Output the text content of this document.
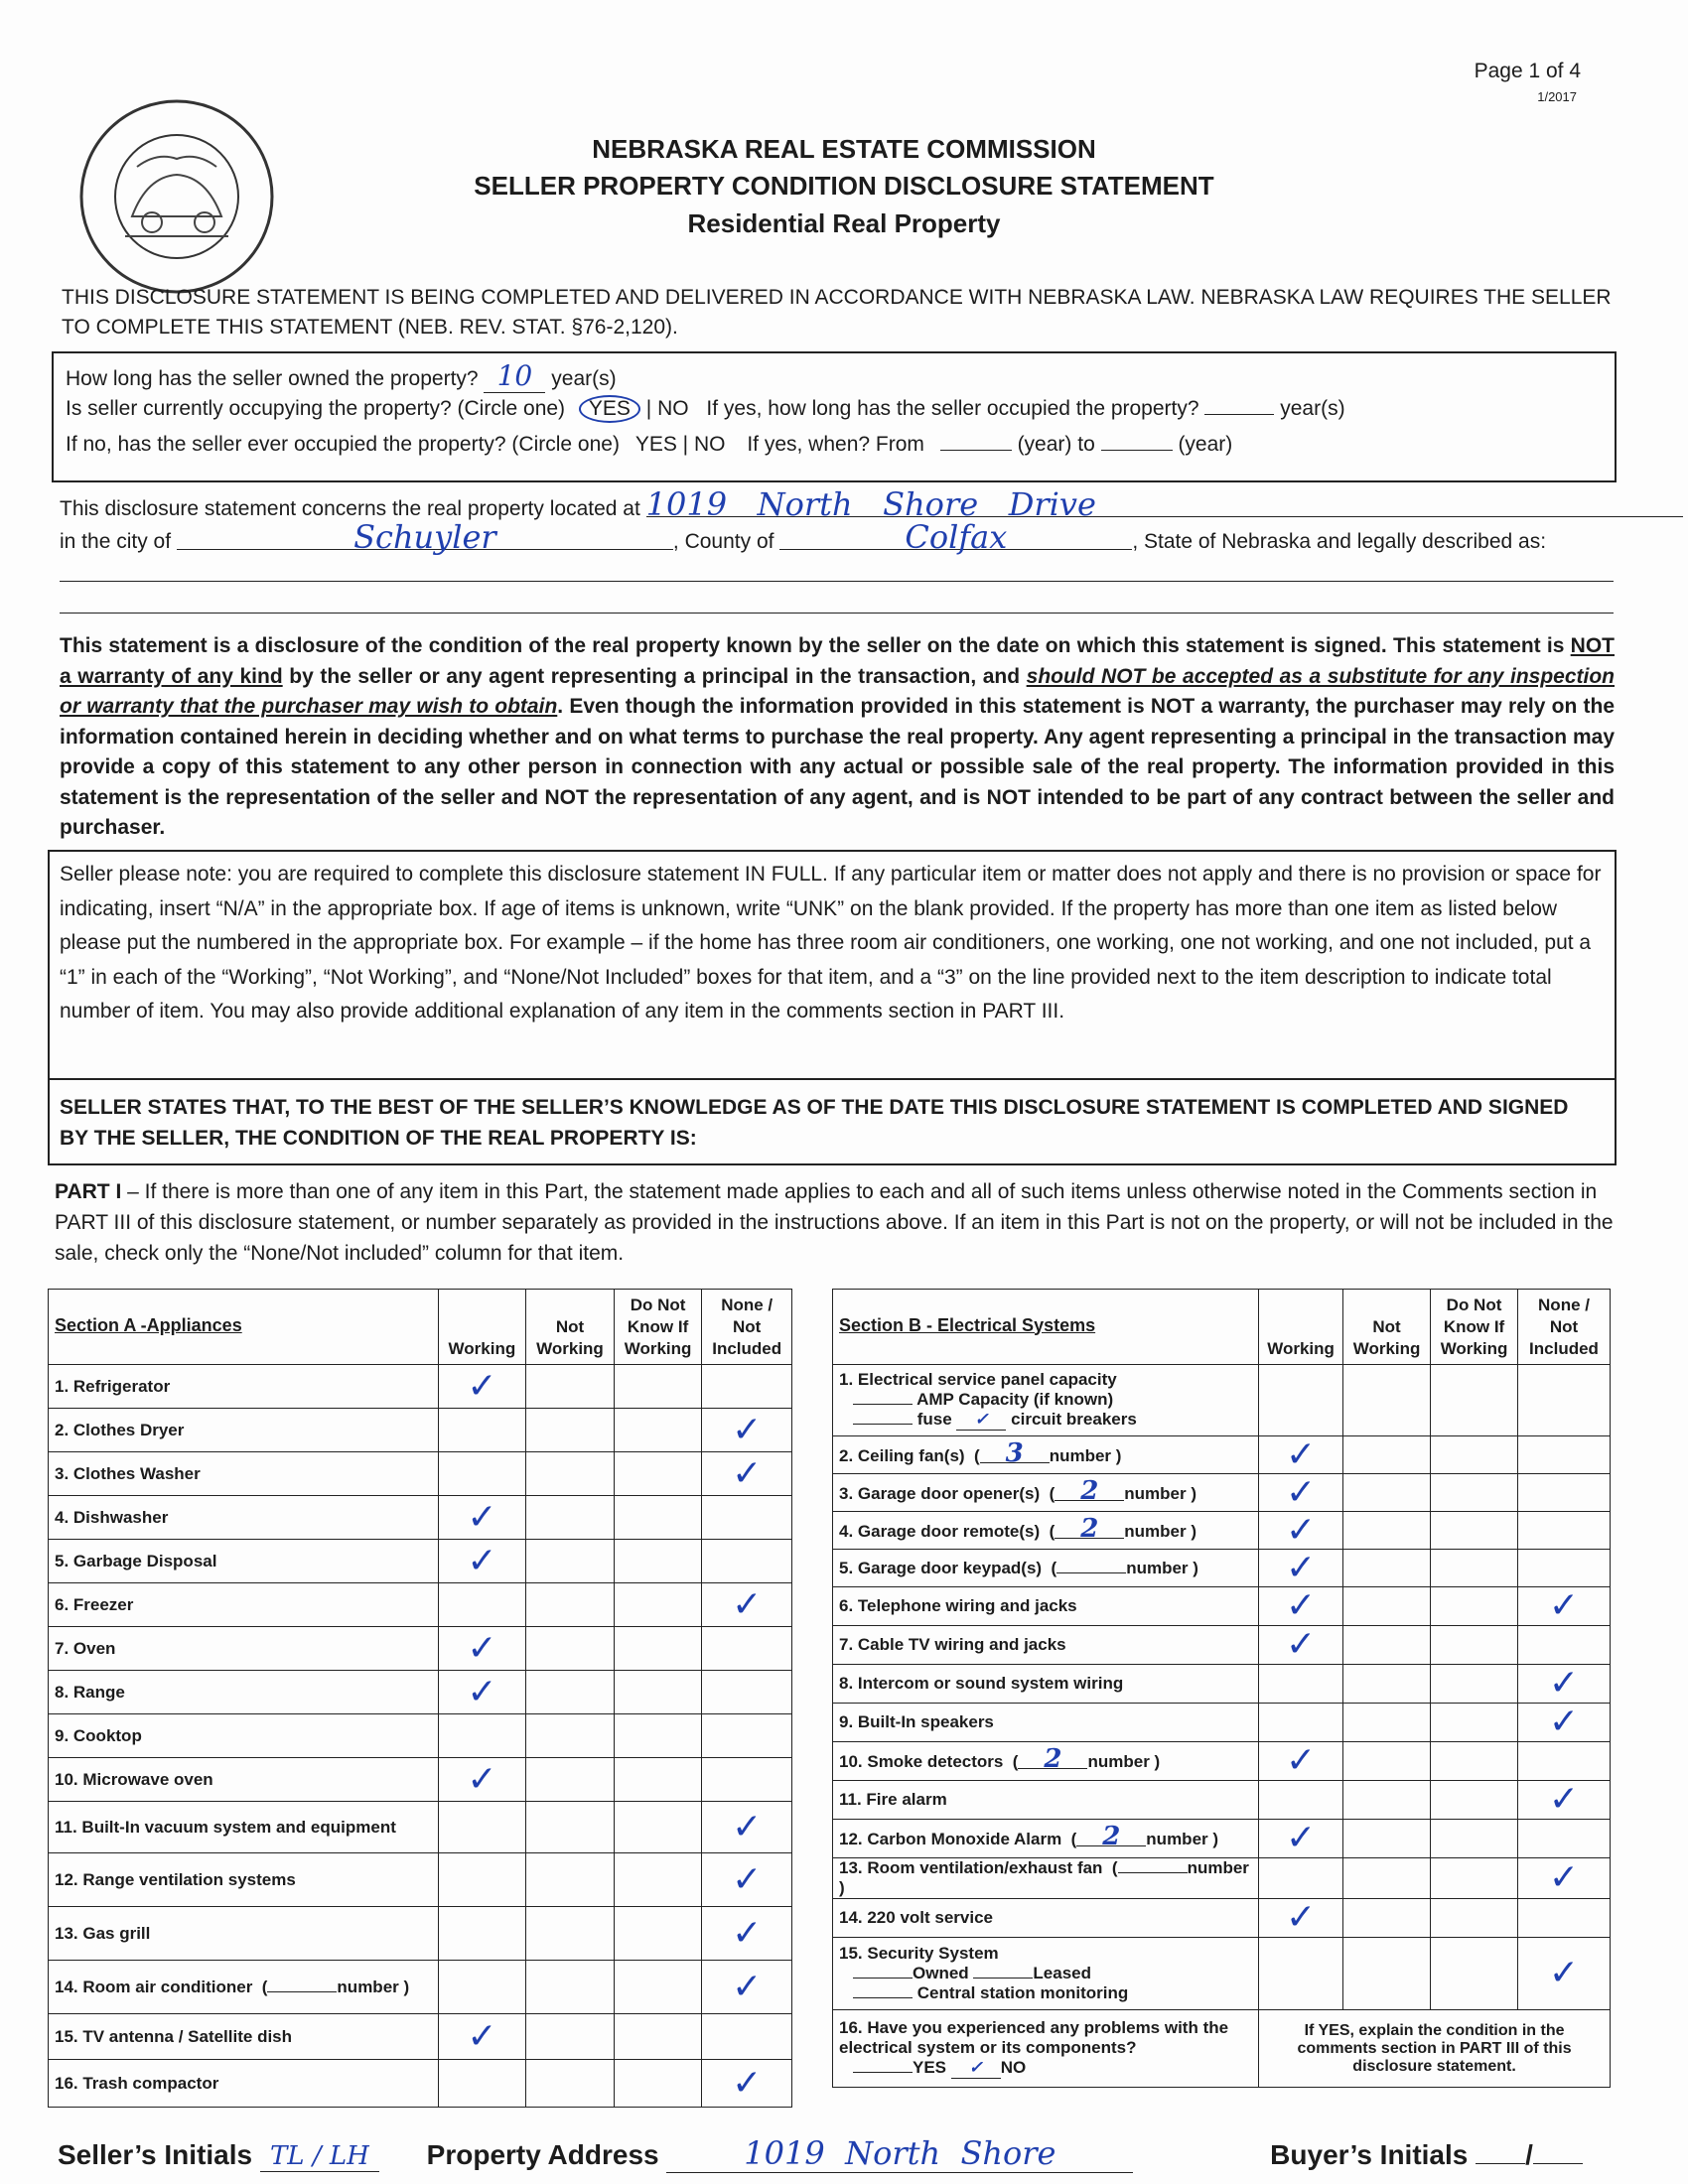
Page 1 of 4
1/2017
NEBRASKA REAL ESTATE COMMISSION
SELLER PROPERTY CONDITION DISCLOSURE STATEMENT
Residential Real Property
THIS DISCLOSURE STATEMENT IS BEING COMPLETED AND DELIVERED IN ACCORDANCE WITH NEBRASKA LAW. NEBRASKA LAW REQUIRES THE SELLER TO COMPLETE THIS STATEMENT (NEB. REV. STAT. §76-2,120).
How long has the seller owned the property? 10 year(s)
Is seller currently occupying the property? (Circle one) YES | NO If yes, how long has the seller occupied the property?	year(s)
If no, has the seller ever occupied the property? (Circle one) YES | NO If yes, when? From	(year) to	(year)
This disclosure statement concerns the real property located at 1019   North   Shore   Drive
in the city of	Schuyler	, County of	Colfax	, State of Nebraska and legally described as:
This statement is a disclosure of the condition of the real property known by the seller on the date on which this statement is signed. This statement is NOT a warranty of any kind by the seller or any agent representing a principal in the transaction, and should NOT be accepted as a substitute for any inspection or warranty that the purchaser may wish to obtain. Even though the information provided in this statement is NOT a warranty, the purchaser may rely on the information contained herein in deciding whether and on what terms to purchase the real property. Any agent representing a principal in the transaction may provide a copy of this statement to any other person in connection with any actual or possible sale of the real property. The information provided in this statement is the representation of the seller and NOT the representation of any agent, and is NOT intended to be part of any contract between the seller and purchaser.
Seller please note: you are required to complete this disclosure statement IN FULL. If any particular item or matter does not apply and there is no provision or space for indicating, insert “N/A” in the appropriate box. If age of items is unknown, write “UNK” on the blank provided. If the property has more than one item as listed below please put the numbered in the appropriate box. For example – if the home has three room air conditioners, one working, one not working, and one not included, put a “1” in each of the “Working”, “Not Working”, and “None/Not Included” boxes for that item, and a “3” on the line provided next to the item description to indicate total number of item. You may also provide additional explanation of any item in the comments section in PART III.
SELLER STATES THAT, TO THE BEST OF THE SELLER’S KNOWLEDGE AS OF THE DATE THIS DISCLOSURE STATEMENT IS COMPLETED AND SIGNED BY THE SELLER, THE CONDITION OF THE REAL PROPERTY IS:
PART I – If there is more than one of any item in this Part, the statement made applies to each and all of such items unless otherwise noted in the Comments section in PART III of this disclosure statement, or number separately as provided in the instructions above. If an item in this Part is not on the property, or will not be included in the sale, check only the “None/Not included” column for that item.
Section A -Appliances	Working	Not Working	Do Not Know If Working	None / Not Included
1. Refrigerator	✓			
2. Clothes Dryer				✓
3. Clothes Washer				✓
4. Dishwasher	✓			
5. Garbage Disposal	✓			
6. Freezer				✓
7. Oven	✓			
8. Range	✓			
9. Cooktop				
10. Microwave oven	✓			
11. Built-In vacuum system and equipment				✓
12. Range ventilation systems				✓
13. Gas grill				✓
14. Room air conditioner  ( number )				✓
15. TV antenna / Satellite dish	✓			
16. Trash compactor				✓
Section B - Electrical Systems	Working	Not Working	Do Not Know If Working	None / Not Included
1. Electrical service panel capacity
AMP Capacity (if known)
fuse ✓ circuit breakers				

2. Ceiling fan(s)  ( 3 number )	✓			
3. Garage door opener(s)  ( 2 number )	✓			
4. Garage door remote(s)  ( 2 number )	✓			
5. Garage door keypad(s)  ( number )	✓			
6. Telephone wiring and jacks	✓			✓
7. Cable TV wiring and jacks	✓			
8. Intercom or sound system wiring				✓
9. Built-In speakers				✓
10. Smoke detectors  ( 2 number )	✓			
11. Fire alarm				✓
12. Carbon Monoxide Alarm  ( 2 number )	✓			
13. Room ventilation/exhaust fan  ( number )				✓
14. 220 volt service	✓			
15. Security System
Owned Leased
Central station monitoring				✓

16. Have you experienced any problems with the electrical system or its components?
YES ✓ NO	If YES, explain the condition in the comments section in PART III of this disclosure statement.			
Seller’s Initials TL / LH Property Address	1019  North  Shore	Buyer’s Initials /
